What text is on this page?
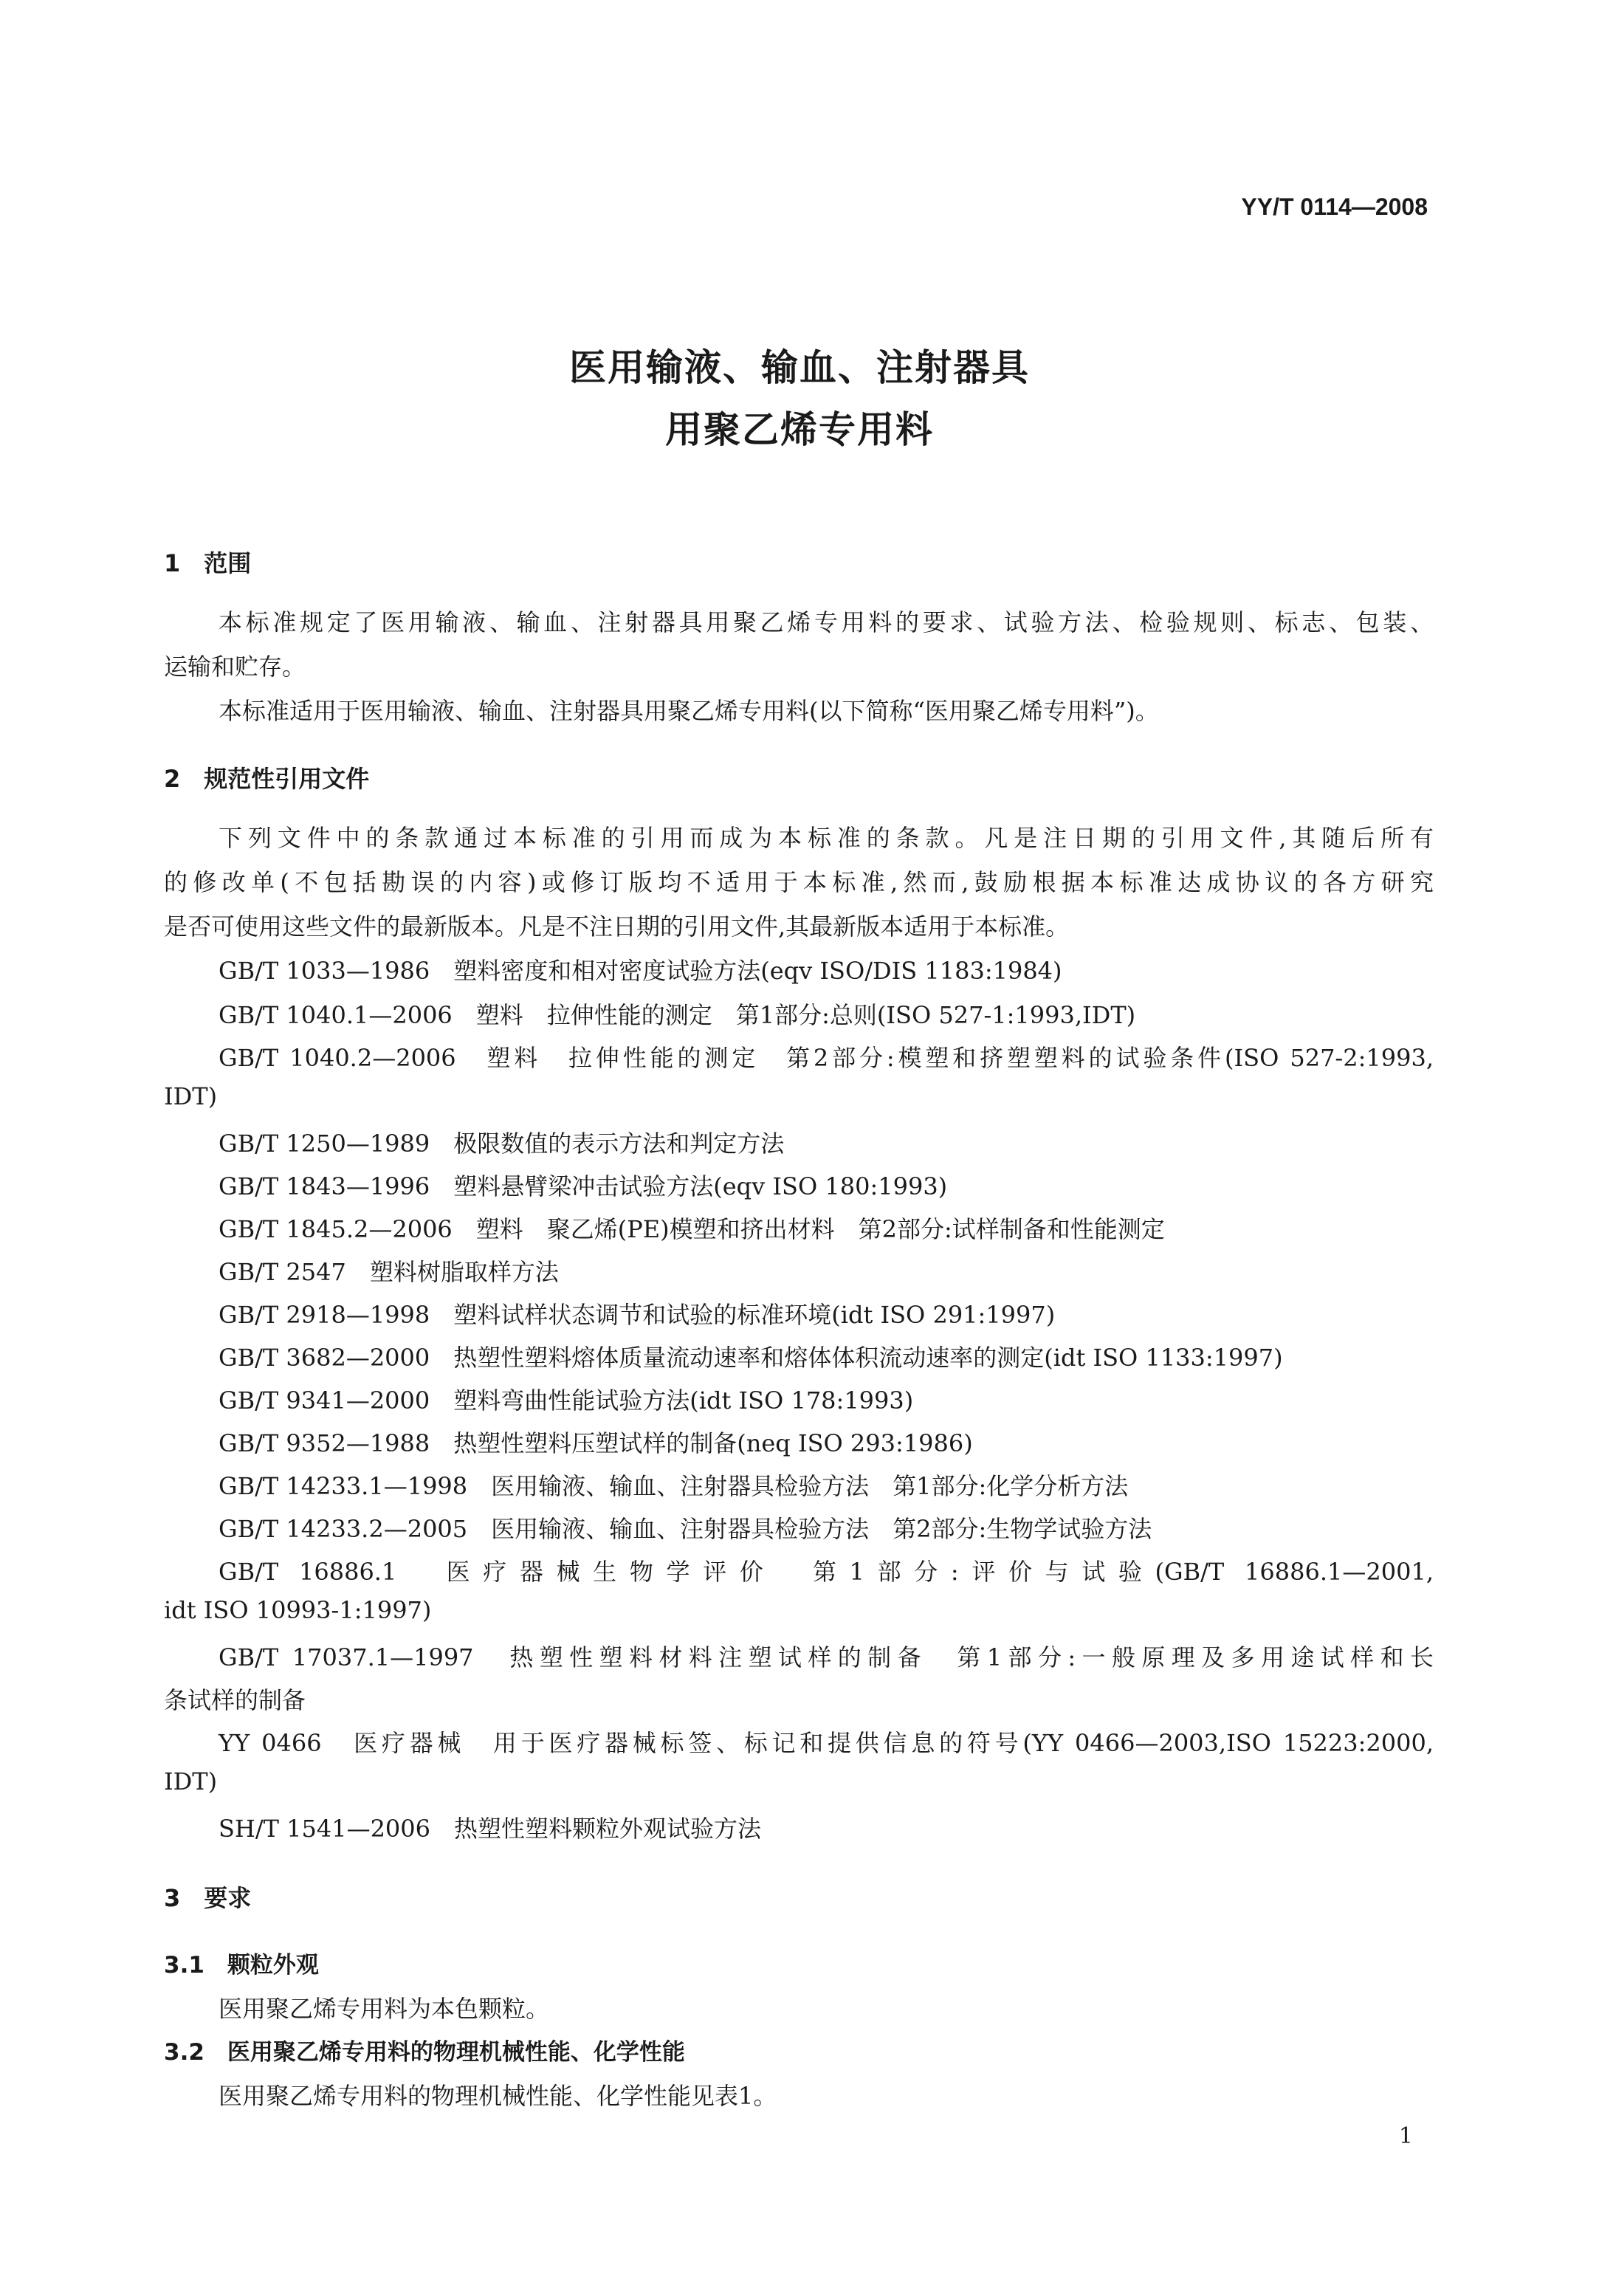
YY/T 0114—2008
医用输液、输血、注射器具
用聚乙烯专用料
1　范围
本标准规定了医用输液、输血、注射器具用聚乙烯专用料的要求、试验方法、检验规则、标志、包装、
运输和贮存。
本标准适用于医用输液、输血、注射器具用聚乙烯专用料(以下简称“医用聚乙烯专用料”)。
2　规范性引用文件
下列文件中的条款通过本标准的引用而成为本标准的条款。凡是注日期的引用文件,其随后所有
的修改单(不包括勘误的内容)或修订版均不适用于本标准,然而,鼓励根据本标准达成协议的各方研究
是否可使用这些文件的最新版本。凡是不注日期的引用文件,其最新版本适用于本标准。
GB/T 1033—1986　塑料密度和相对密度试验方法(eqv ISO/DIS 1183:1984)
GB/T 1040.1—2006　塑料　拉伸性能的测定　第1部分:总则(ISO 527-1:1993,IDT)
GB/T 1040.2—2006　塑料　拉伸性能的测定　第2部分:模塑和挤塑塑料的试验条件(ISO 527-2:1993,
IDT)
GB/T 1250—1989　极限数值的表示方法和判定方法
GB/T 1843—1996　塑料悬臂梁冲击试验方法(eqv ISO 180:1993)
GB/T 1845.2—2006　塑料　聚乙烯(PE)模塑和挤出材料　第2部分:试样制备和性能测定
GB/T 2547　塑料树脂取样方法
GB/T 2918—1998　塑料试样状态调节和试验的标准环境(idt ISO 291:1997)
GB/T 3682—2000　热塑性塑料熔体质量流动速率和熔体体积流动速率的测定(idt ISO 1133:1997)
GB/T 9341—2000　塑料弯曲性能试验方法(idt ISO 178:1993)
GB/T 9352—1988　热塑性塑料压塑试样的制备(neq ISO 293:1986)
GB/T 14233.1—1998　医用输液、输血、注射器具检验方法　第1部分:化学分析方法
GB/T 14233.2—2005　医用输液、输血、注射器具检验方法　第2部分:生物学试验方法
GB/T 16886.1　医疗器械生物学评价　第1部分:评价与试验(GB/T 16886.1—2001,
idt ISO 10993-1:1997)
GB/T 17037.1—1997　热塑性塑料材料注塑试样的制备　第1部分:一般原理及多用途试样和长
条试样的制备
YY 0466　医疗器械　用于医疗器械标签、标记和提供信息的符号(YY 0466—2003,ISO 15223:2000,
IDT)
SH/T 1541—2006　热塑性塑料颗粒外观试验方法
3　要求
3.1　颗粒外观
医用聚乙烯专用料为本色颗粒。
3.2　医用聚乙烯专用料的物理机械性能、化学性能
医用聚乙烯专用料的物理机械性能、化学性能见表1。
1
